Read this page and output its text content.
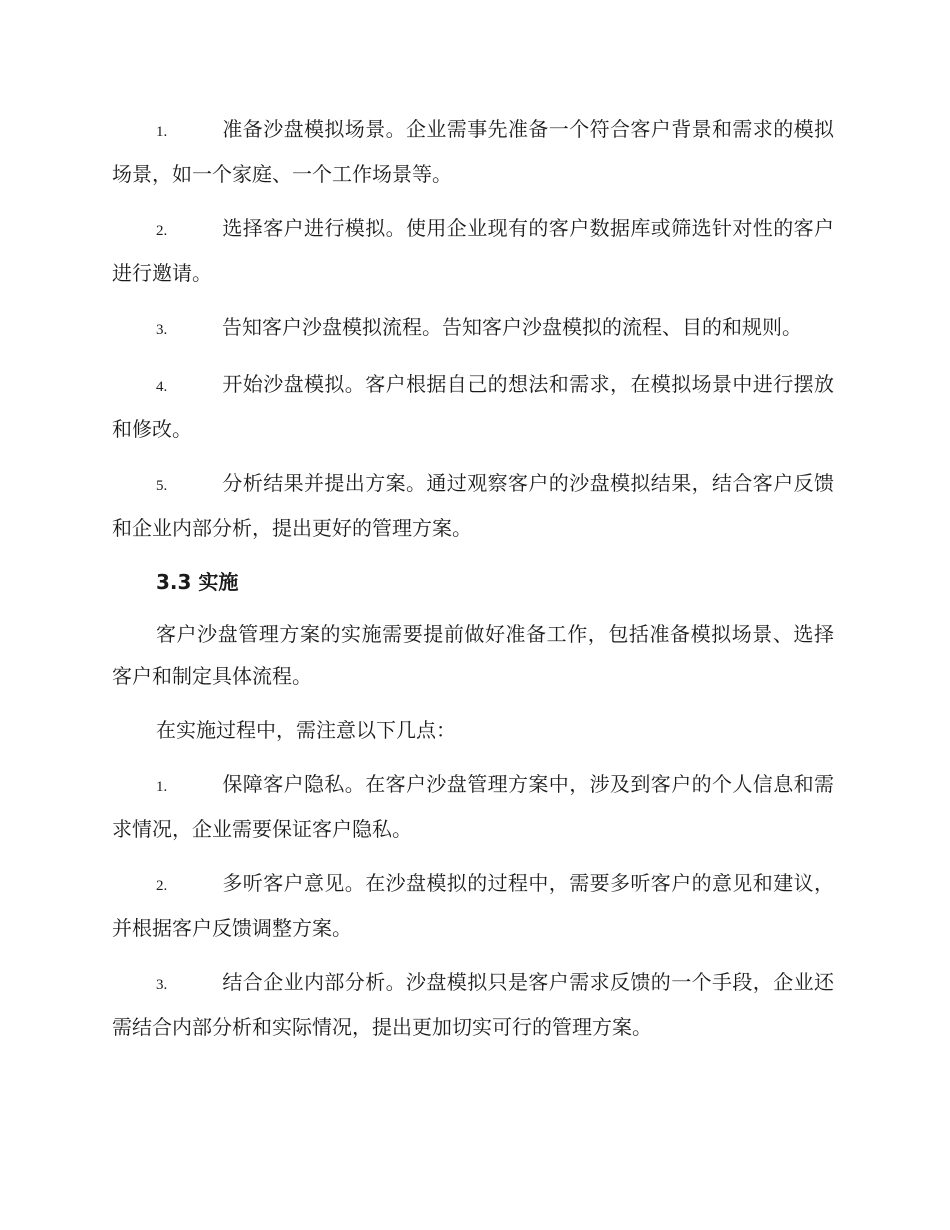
1.	准备沙盘模拟场景。企业需事先准备一个符合客户背景和需求的模拟场景，如一个家庭、一个工作场景等。
2.	选择客户进行模拟。使用企业现有的客户数据库或筛选针对性的客户进行邀请。
3.	告知客户沙盘模拟流程。告知客户沙盘模拟的流程、目的和规则。
4.	开始沙盘模拟。客户根据自己的想法和需求，在模拟场景中进行摆放和修改。
5.	分析结果并提出方案。通过观察客户的沙盘模拟结果，结合客户反馈和企业内部分析，提出更好的管理方案。
3.3 实施
客户沙盘管理方案的实施需要提前做好准备工作，包括准备模拟场景、选择客户和制定具体流程。
在实施过程中，需注意以下几点：
1.	保障客户隐私。在客户沙盘管理方案中，涉及到客户的个人信息和需求情况，企业需要保证客户隐私。
2.	多听客户意见。在沙盘模拟的过程中，需要多听客户的意见和建议，并根据客户反馈调整方案。
3.	结合企业内部分析。沙盘模拟只是客户需求反馈的一个手段，企业还需结合内部分析和实际情况，提出更加切实可行的管理方案。
